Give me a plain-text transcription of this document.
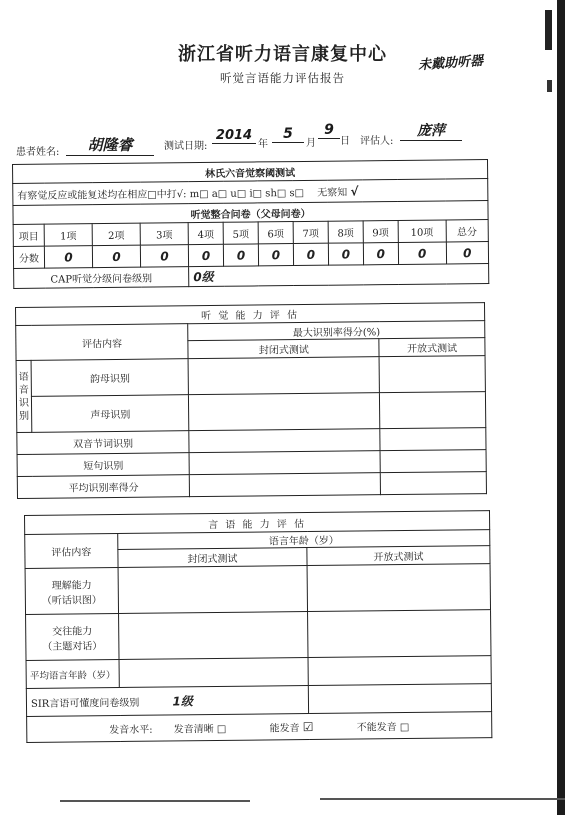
浙江省听力语言康复中心
听觉言语能力评估报告
未戴助听器
患者姓名:	胡隆睿	测试日期:
2014
年
5
月
9
日 评估人:
庞萍
林氏六音觉察阈测试											
有察觉反应或能复述均在相应□中打√: m□ a□ u□ i□ sh□ s□ 无察知 √											
听觉整合问卷（父母问卷）											
项目	1项	2项	3项	4项	5项	6项	7项	8项	9项	10项	总分
分数	0	0	0	0	0	0	0	0	0	0	0
CAP听觉分级问卷级别				0级							
听 觉 能 力 评 估			
评估内容		最大识别率得分(%)	
		封闭式测试	开放式测试
语音识别	韵母识别		
	声母识别		
双音节词识别			
短句识别			
平均识别率得分			
言 语 能 力 评 估		
评估内容	语言年龄（岁）	
	封闭式测试	开放式测试

理解能力
（听话识图）		

交往能力
（主题对话）		

平均语言年龄（岁）		
SIR言语可懂度问卷级别 1级		
发音水平: 发音清晰 □ 能发音 ☑ 不能发音 □		
